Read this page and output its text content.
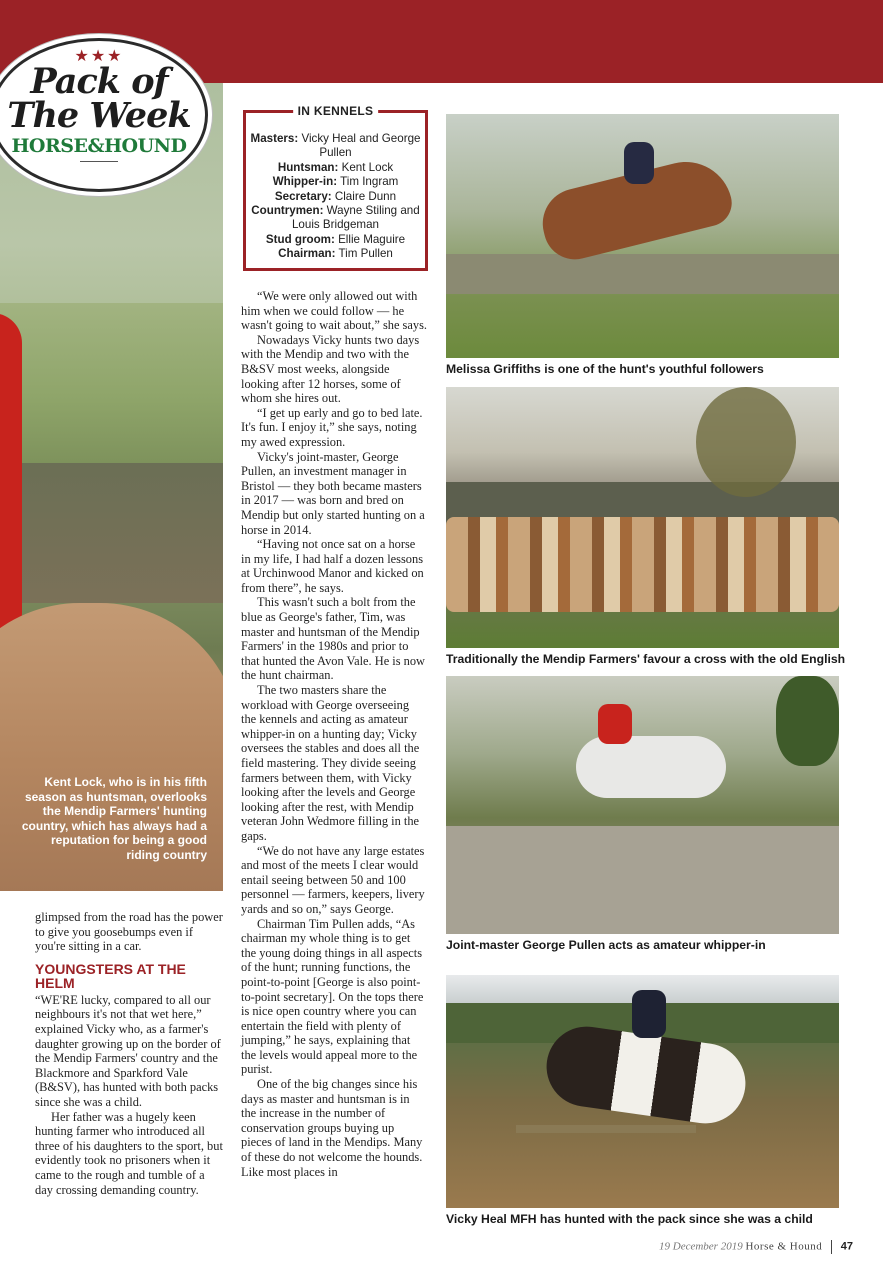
Kent Lock, who is in his fifth season as huntsman, overlooks the Mendip Farmers' hunting country, which has always had a reputation for being a good riding country
★★★
Pack of The Week
HORSE&HOUND
IN KENNELS
Masters: Vicky Heal and George Pullen
Huntsman: Kent Lock
Whipper-in: Tim Ingram
Secretary: Claire Dunn
Countrymen: Wayne Stiling and Louis Bridgeman
Stud groom: Ellie Maguire
Chairman: Tim Pullen

glimpsed from the road has the power to give you goosebumps even if you're sitting in a car.

YOUNGSTERS AT THE HELM

“WE'RE lucky, compared to all our neighbours it's not that wet here,” explained Vicky who, as a farmer's daughter growing up on the border of the Mendip Farmers' country and the Blackmore and Sparkford Vale (B&SV), has hunted with both packs since she was a child.

Her father was a hugely keen hunting farmer who introduced all three of his daughters to the sport, but evidently took no prisoners when it came to the rough and tumble of a day crossing demanding country.

“We were only allowed out with him when we could follow — he wasn't going to wait about,” she says.

Nowadays Vicky hunts two days with the Mendip and two with the B&SV most weeks, alongside looking after 12 horses, some of whom she hires out.

“I get up early and go to bed late. It's fun. I enjoy it,” she says, noting my awed expression.

Vicky's joint-master, George Pullen, an investment manager in Bristol — they both became masters in 2017 — was born and bred on Mendip but only started hunting on a horse in 2014.

“Having not once sat on a horse in my life, I had half a dozen lessons at Urchinwood Manor and kicked on from there”, he says.

This wasn't such a bolt from the blue as George's father, Tim, was master and huntsman of the Mendip Farmers' in the 1980s and prior to that hunted the Avon Vale. He is now the hunt chairman.

The two masters share the workload with George overseeing the kennels and acting as amateur whipper-in on a hunting day; Vicky oversees the stables and does all the field mastering. They divide seeing farmers between them, with Vicky looking after the levels and George looking after the rest, with Mendip veteran John Wedmore filling in the gaps.

“We do not have any large estates and most of the meets I clear would entail seeing between 50 and 100 personnel — farmers, keepers, livery yards and so on,” says George.

Chairman Tim Pullen adds, “As chairman my whole thing is to get the young doing things in all aspects of the hunt; running functions, the point-to-point [George is also point-to-point secretary]. On the tops there is nice open country where you can entertain the field with plenty of jumping,” he says, explaining that the levels would appeal more to the purist.

One of the big changes since his days as master and huntsman is in the increase in the number of conservation groups buying up pieces of land in the Mendips. Many of these do not welcome the hounds. Like most places in

Melissa Griffiths is one of the hunt's youthful followers
Traditionally the Mendip Farmers' favour a cross with the old English
Joint-master George Pullen acts as amateur whipper-in
Vicky Heal MFH has hunted with the pack since she was a child
19 December 2019 Horse & Hound 47
